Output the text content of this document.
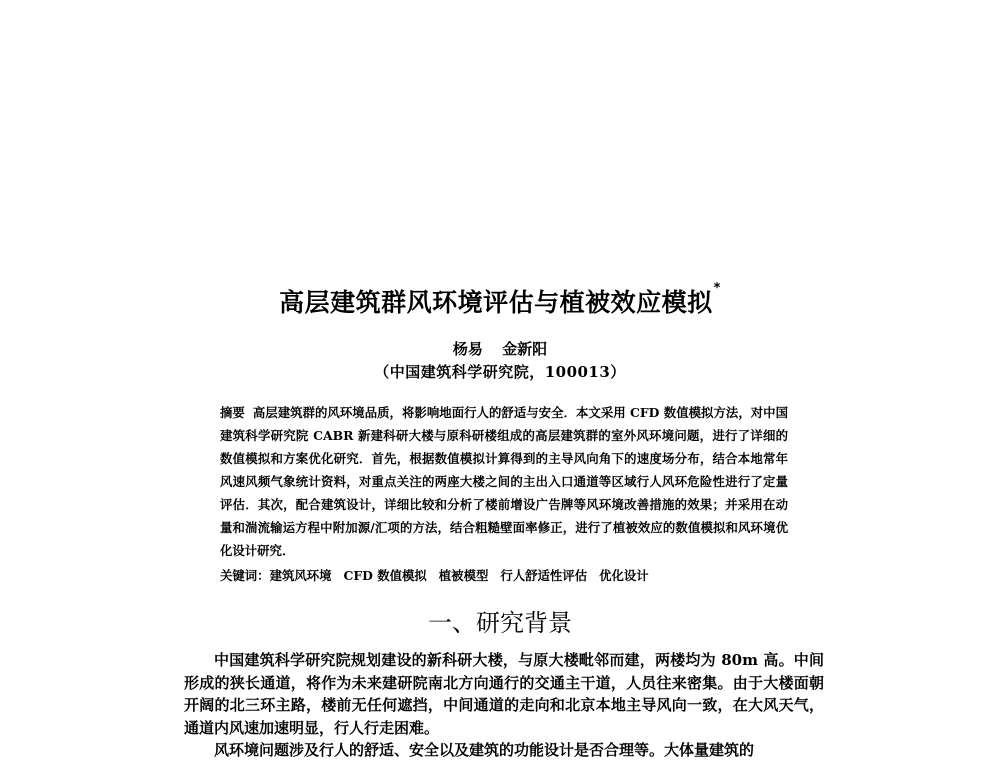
高层建筑群风环境评估与植被效应模拟*
杨易 金新阳
（中国建筑科学研究院，100013）
摘要 高层建筑群的风环境品质，将影响地面行人的舒适与安全．本文采用 CFD 数值模拟方法，对中国建筑科学研究院 CABR 新建科研大楼与原科研楼组成的高层建筑群的室外风环境问题，进行了详细的数值模拟和方案优化研究．首先，根据数值模拟计算得到的主导风向角下的速度场分布，结合本地常年风速风频气象统计资料，对重点关注的两座大楼之间的主出入口通道等区域行人风环危险性进行了定量评估．其次，配合建筑设计，详细比较和分析了楼前增设广告牌等风环境改善措施的效果；并采用在动量和湍流输运方程中附加源/汇项的方法，结合粗糙壁面率修正，进行了植被效应的数值模拟和风环境优化设计研究．
关键词：建筑风环境 CFD 数值模拟 植被模型 行人舒适性评估 优化设计
一、研究背景

中国建筑科学研究院规划建设的新科研大楼，与原大楼毗邻而建，两楼均为 80m 高。中间形成的狭长通道，将作为未来建研院南北方向通行的交通主干道，人员往来密集。由于大楼面朝开阔的北三环主路，楼前无任何遮挡，中间通道的走向和北京本地主导风向一致，在大风天气，通道内风速加速明显，行人行走困难。

风环境问题涉及行人的舒适、安全以及建筑的功能设计是否合理等。大体量建筑的
